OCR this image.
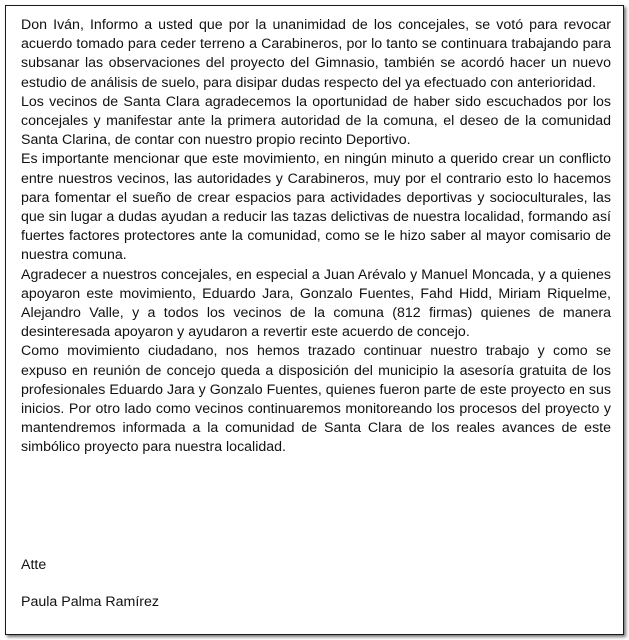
Don Iván, Informo a usted que por la unanimidad de los concejales, se votó para revocar acuerdo tomado para ceder terreno a Carabineros, por lo tanto se continuara trabajando para subsanar las observaciones del proyecto del Gimnasio, también se acordó hacer un nuevo estudio de análisis de suelo, para disipar dudas respecto del ya efectuado con anterioridad.

Los vecinos de Santa Clara agradecemos la oportunidad de haber sido escuchados por los concejales y manifestar ante la primera autoridad de la comuna, el deseo de la comunidad Santa Clarina, de contar con nuestro propio recinto Deportivo.

Es importante mencionar que este movimiento, en ningún minuto a querido crear un conflicto entre nuestros vecinos, las autoridades y Carabineros, muy por el contrario esto lo hacemos para fomentar el sueño de crear espacios para actividades deportivas y socioculturales, las que sin lugar a dudas ayudan a reducir las tazas delictivas de nuestra localidad, formando así fuertes factores protectores ante la comunidad, como se le hizo saber al mayor comisario de nuestra comuna.

Agradecer a nuestros concejales, en especial a Juan Arévalo y Manuel Moncada, y a quienes apoyaron este movimiento, Eduardo Jara, Gonzalo Fuentes, Fahd Hidd, Miriam Riquelme, Alejandro Valle, y a todos los vecinos de la comuna (812 firmas) quienes de manera desinteresada apoyaron y ayudaron a revertir este acuerdo de concejo.

Como movimiento ciudadano, nos hemos trazado continuar nuestro trabajo y como se expuso en reunión de concejo queda a disposición del municipio la asesoría gratuita de los profesionales Eduardo Jara y Gonzalo Fuentes, quienes fueron parte de este proyecto en sus inicios. Por otro lado como vecinos continuaremos monitoreando los procesos del proyecto y mantendremos informada a la comunidad de Santa Clara de los reales avances de este simbólico proyecto para nuestra localidad.

Atte
Paula Palma Ramírez
